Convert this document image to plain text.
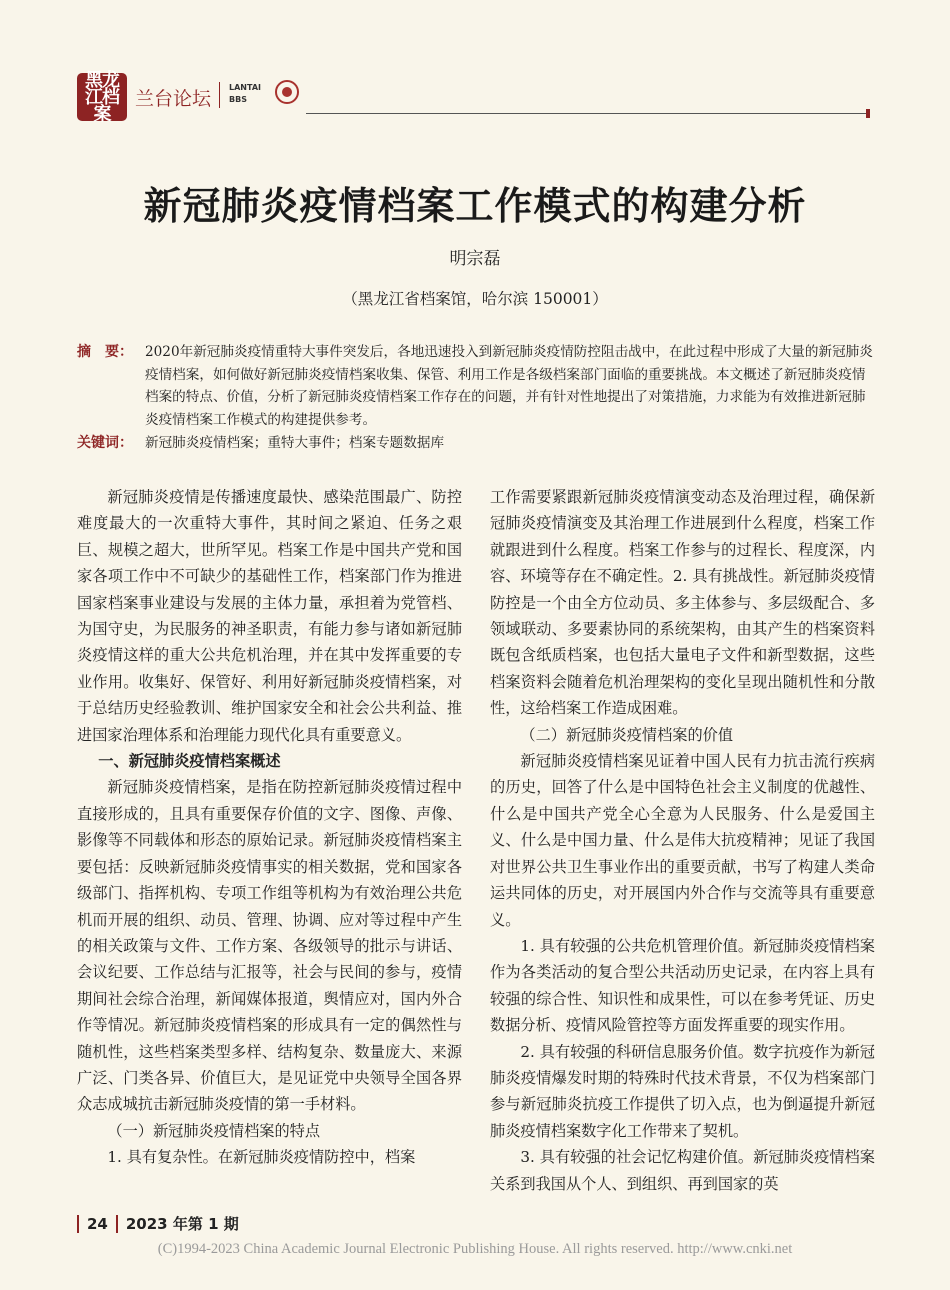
黑龙江档案
兰台论坛
LANTAI
BBS
新冠肺炎疫情档案工作模式的构建分析
明宗磊
（黑龙江省档案馆，哈尔滨 150001）
摘　要： 2020年新冠肺炎疫情重特大事件突发后，各地迅速投入到新冠肺炎疫情防控阻击战中，在此过程中形成了大量的新冠肺炎疫情档案，如何做好新冠肺炎疫情档案收集、保管、利用工作是各级档案部门面临的重要挑战。本文概述了新冠肺炎疫情档案的特点、价值，分析了新冠肺炎疫情档案工作存在的问题，并有针对性地提出了对策措施，力求能为有效推进新冠肺炎疫情档案工作模式的构建提供参考。
关键词： 新冠肺炎疫情档案；重特大事件；档案专题数据库

新冠肺炎疫情是传播速度最快、感染范围最广、防控难度最大的一次重特大事件，其时间之紧迫、任务之艰巨、规模之超大，世所罕见。档案工作是中国共产党和国家各项工作中不可缺少的基础性工作，档案部门作为推进国家档案事业建设与发展的主体力量，承担着为党管档、为国守史，为民服务的神圣职责，有能力参与诸如新冠肺炎疫情这样的重大公共危机治理，并在其中发挥重要的专业作用。收集好、保管好、利用好新冠肺炎疫情档案，对于总结历史经验教训、维护国家安全和社会公共利益、推进国家治理体系和治理能力现代化具有重要意义。

一、新冠肺炎疫情档案概述

新冠肺炎疫情档案，是指在防控新冠肺炎疫情过程中直接形成的，且具有重要保存价值的文字、图像、声像、影像等不同载体和形态的原始记录。新冠肺炎疫情档案主要包括：反映新冠肺炎疫情事实的相关数据，党和国家各级部门、指挥机构、专项工作组等机构为有效治理公共危机而开展的组织、动员、管理、协调、应对等过程中产生的相关政策与文件、工作方案、各级领导的批示与讲话、会议纪要、工作总结与汇报等，社会与民间的参与，疫情期间社会综合治理，新闻媒体报道，舆情应对，国内外合作等情况。新冠肺炎疫情档案的形成具有一定的偶然性与随机性，这些档案类型多样、结构复杂、数量庞大、来源广泛、门类各异、价值巨大，是见证党中央领导全国各界众志成城抗击新冠肺炎疫情的第一手材料。

（一）新冠肺炎疫情档案的特点

1. 具有复杂性。在新冠肺炎疫情防控中，档案

工作需要紧跟新冠肺炎疫情演变动态及治理过程，确保新冠肺炎疫情演变及其治理工作进展到什么程度，档案工作就跟进到什么程度。档案工作参与的过程长、程度深，内容、环境等存在不确定性。2. 具有挑战性。新冠肺炎疫情防控是一个由全方位动员、多主体参与、多层级配合、多领域联动、多要素协同的系统架构，由其产生的档案资料既包含纸质档案，也包括大量电子文件和新型数据，这些档案资料会随着危机治理架构的变化呈现出随机性和分散性，这给档案工作造成困难。

（二）新冠肺炎疫情档案的价值

新冠肺炎疫情档案见证着中国人民有力抗击流行疾病的历史，回答了什么是中国特色社会主义制度的优越性、什么是中国共产党全心全意为人民服务、什么是爱国主义、什么是中国力量、什么是伟大抗疫精神；见证了我国对世界公共卫生事业作出的重要贡献，书写了构建人类命运共同体的历史，对开展国内外合作与交流等具有重要意义。

1. 具有较强的公共危机管理价值。新冠肺炎疫情档案作为各类活动的复合型公共活动历史记录，在内容上具有较强的综合性、知识性和成果性，可以在参考凭证、历史数据分析、疫情风险管控等方面发挥重要的现实作用。

2. 具有较强的科研信息服务价值。数字抗疫作为新冠肺炎疫情爆发时期的特殊时代技术背景，不仅为档案部门参与新冠肺炎抗疫工作提供了切入点，也为倒逼提升新冠肺炎疫情档案数字化工作带来了契机。

3. 具有较强的社会记忆构建价值。新冠肺炎疫情档案关系到我国从个人、到组织、再到国家的英

24 2023 年第 1 期
(C)1994-2023 China Academic Journal Electronic Publishing House. All rights reserved. http://www.cnki.net
